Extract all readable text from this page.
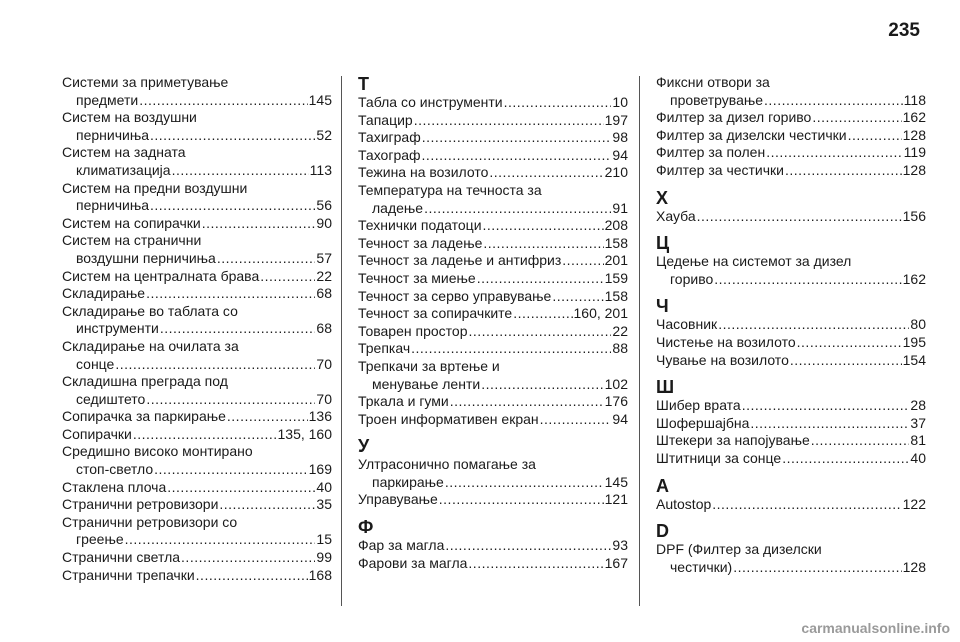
235
Системи за приметување
предмети .....	145
Систем на воздушни
перничиња .....	52
Систем на задната
климатизација .....	113
Систем на предни воздушни
перничиња .....	56
Систем на сопирачки .....	90
Систем на странични
воздушни перничиња .....	57
Систем на централната брава .....	22
Складирање .....	68
Складирање во таблата со
инструменти .....	68
Складирање на очилата за
сонце .....	70
Складишна преграда под
седиштето .....	70
Сопирачка за паркирање .....	136
Сопирачки .....	135, 160
Средишно високо монтирано
стоп-светло .....	169
Стаклена плоча .....	40
Странични ретровизори .....	35
Странични ретровизори со
греење .....	15
Странични светла .....	99
Странични трепачки .....	168
Т
Табла со инструменти .....	10
Тапацир .....	197
Тахиграф .....	98
Тахограф .....	94
Тежина на возилото .....	210
Температура на течноста за
ладење .....	91
Технички податоци .....	208
Течност за ладење .....	158
Течност за ладење и антифриз .....	201
Течност за миење .....	159
Течност за серво управување .....	158
Течност за сопирачките .....	160, 201
Товарен простор .....	22
Трепкач .....	88
Трепкачи за вртење и
менување ленти .....	102
Тркала и гуми .....	176
Троен информативен екран .....	94
У
Ултрасонично помагање за
паркирање .....	145
Управување .....	121
Ф
Фар за магла .....	93
Фарови за магла .....	167
Фиксни отвори за
проветрување .....	118
Филтер за дизел гориво .....	162
Филтер за дизелски честички .....	128
Филтер за полен .....	119
Филтер за честички .....	128
Х
Хауба .....	156
Ц
Цедење на системот за дизел
гориво .....	162
Ч
Часовник .....	80
Чистење на возилото .....	195
Чување на возилото .....	154
Ш
Шибер врата .....	28
Шофершајбна .....	37
Штекери за напојување .....	81
Штитници за сонце .....	40
A
Autostop .....	122
D
DPF (Филтер за дизелски
честички) .....	128
carmanualsonline.info
